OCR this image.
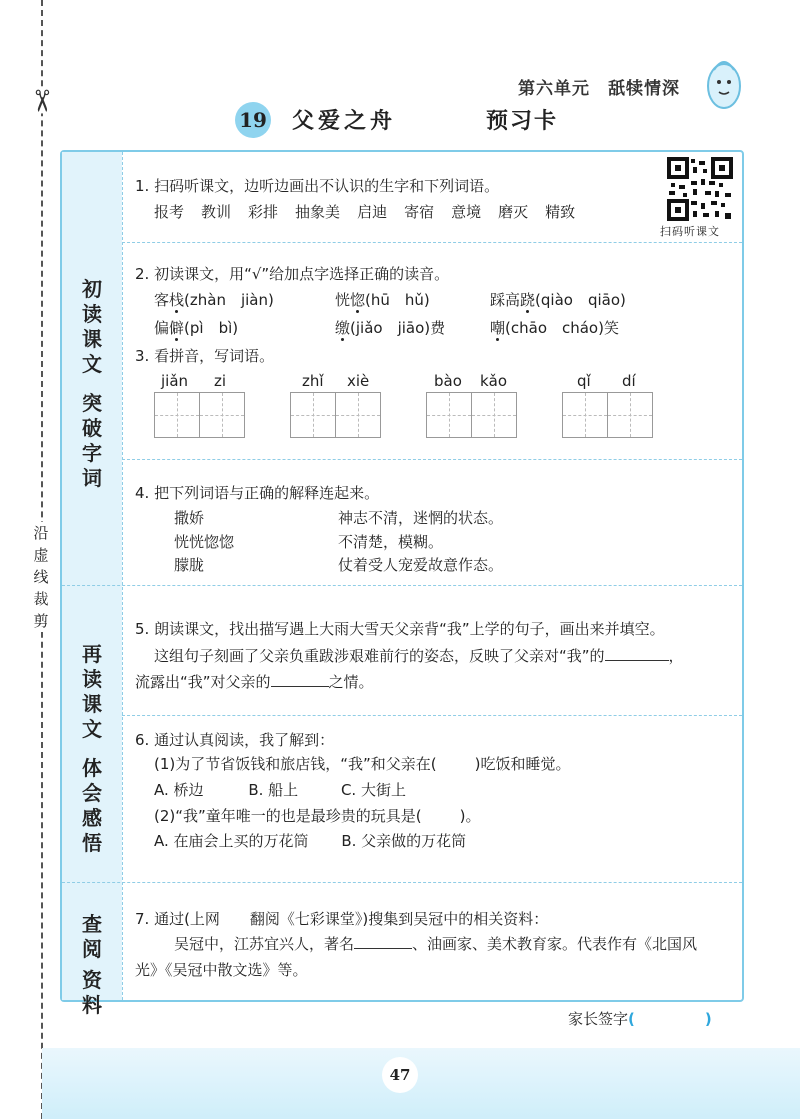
✂
沿
虚
线
裁
剪
第六单元 舐犊情深
19 父爱之舟	预习卡
初
读
课
文
突
破
字
词
再
读
课
文
体
会
感
悟
查
阅
资
料
扫码听课文
1. 扫码听课文，边听边画出不认识的生字和下列词语。
报考 教训 彩排 抽象美 启迪 寄宿 意境 磨灭 精致
2. 初读课文，用“√”给加点字选择正确的读音。
客栈(zhàn　jiàn)	恍惚(hū　hǔ)	踩高跷(qiào　qiāo)
偏僻(pì　bì)	缴(jiǎo　jiāo)费	嘲(chāo　cháo)笑
3. 看拼音，写词语。
jiǎn zi	zhǐ xiè	bào kǎo	qǐ dí
4. 把下列词语与正确的解释连起来。
撒娇
恍恍惚惚
朦胧
神志不清，迷惘的状态。
不清楚，模糊。
仗着受人宠爱故意作态。
5. 朗读课文，找出描写遇上大雨大雪天父亲背“我”上学的句子，画出来并填空。
这组句子刻画了父亲负重跋涉艰难前行的姿态，反映了父亲对“我”的	，
流露出“我”对父亲的	之情。
6. 通过认真阅读，我了解到：
(1)为了节省饭钱和旅店钱，“我”和父亲在(	)吃饭和睡觉。
A. 桥边	B. 船上	C. 大街上
(2)“我”童年唯一的也是最珍贵的玩具是(	)。
A. 在庙会上买的万花筒 B. 父亲做的万花筒
7. 通过(上网　　翻阅《七彩课堂》)搜集到吴冠中的相关资料：
吴冠中，江苏宜兴人，著名	、油画家、美术教育家。代表作有《北国风
光》《吴冠中散文选》等。
家长签字(	)
47
